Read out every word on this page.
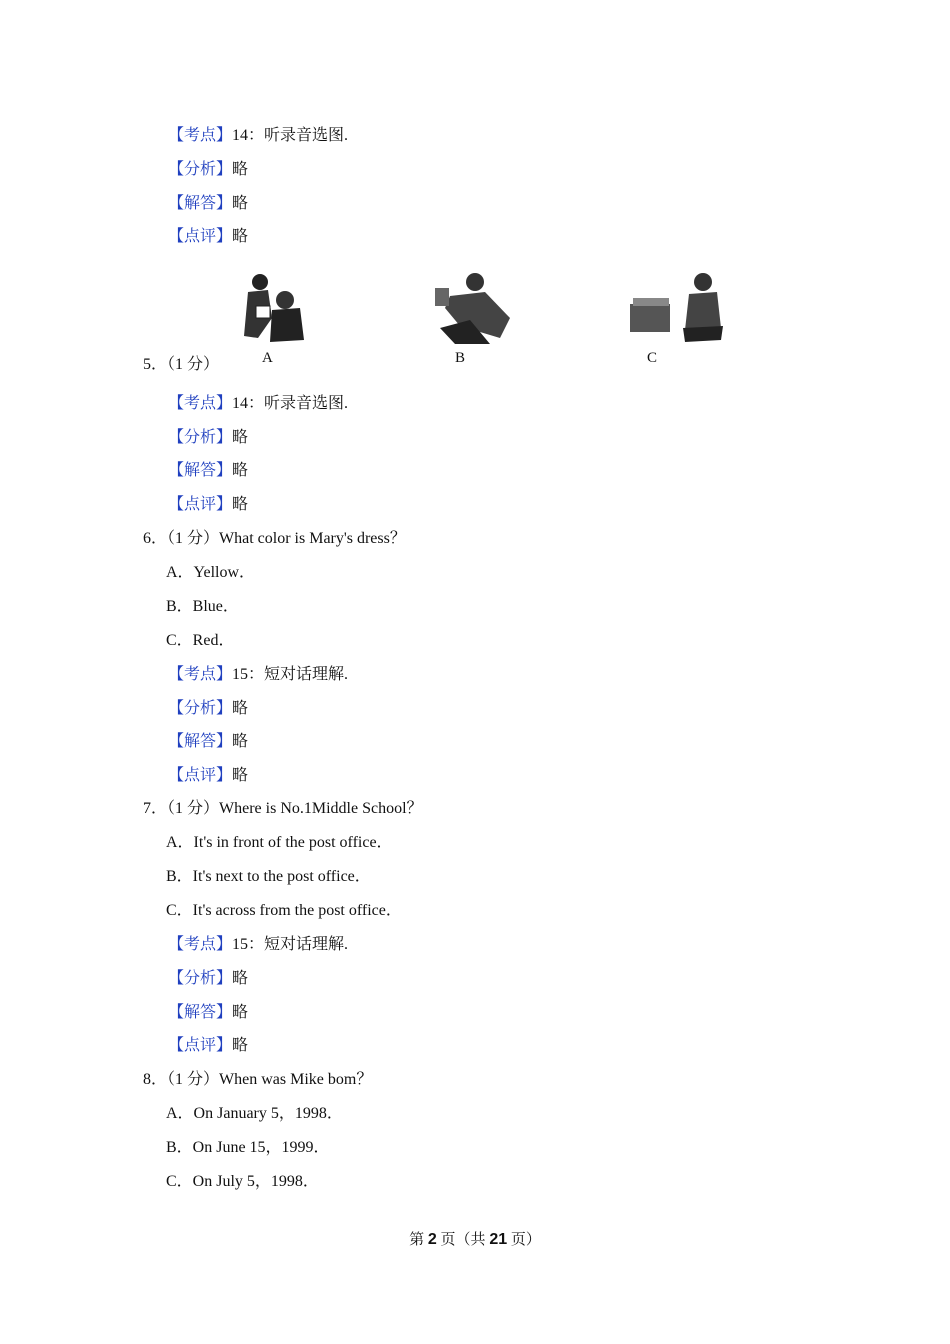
【考点】14：听录音选图.
【分析】略
【解答】略
【点评】略
A	B	C
5．（1 分）
【考点】14：听录音选图.
【分析】略
【解答】略
【点评】略
6．（1 分）What color is Mary's dress？
A．Yellow．
B．Blue．
C．Red．
【考点】15：短对话理解.
【分析】略
【解答】略
【点评】略
7．（1 分）Where is No.1Middle School？
A．It's in front of the post office．
B．It's next to the post office．
C．It's across from the post office．
【考点】15：短对话理解.
【分析】略
【解答】略
【点评】略
8．（1 分）When was Mike bom？
A．On January 5，1998．
B．On June 15，1999．
C．On July 5，1998．
第 2 页（共 21 页）
